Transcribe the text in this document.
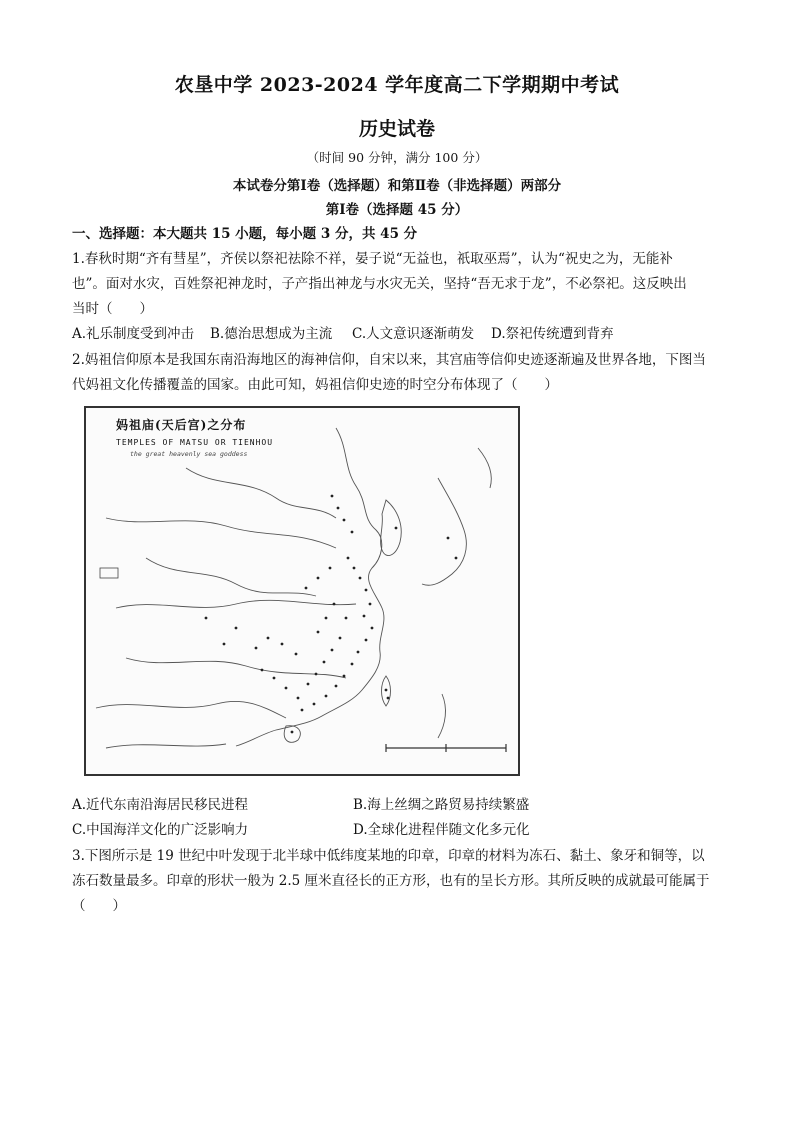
农垦中学 2023-2024 学年度高二下学期期中考试
历史试卷
（时间 90 分钟，满分 100 分）
本试卷分第Ⅰ卷（选择题）和第Ⅱ卷（非选择题）两部分
第Ⅰ卷（选择题 45 分）
一、选择题：本大题共 15 小题，每小题 3 分，共 45 分
1.春秋时期“齐有彗星”，齐侯以祭祀祛除不祥，晏子说“无益也，祇取巫焉”，认为“祝史之为，无能补
也”。面对水灾，百姓祭祀神龙时，子产指出神龙与水灾无关，坚持“吾无求于龙”，不必祭祀。这反映出
当时（　　）
A.礼乐制度受到冲击 B.德治思想成为主流 C.人文意识逐渐萌发 D.祭祀传统遭到背弃
2.妈祖信仰原本是我国东南沿海地区的海神信仰，自宋以来，其宫庙等信仰史迹逐渐遍及世界各地，下图当
代妈祖文化传播覆盖的国家。由此可知，妈祖信仰史迹的时空分布体现了（　　）
妈祖庙(天后宫)之分布
TEMPLES OF MATSU OR TIENHOU
the great heavenly sea goddess
A.近代东南沿海居民移民进程	B.海上丝绸之路贸易持续繁盛
C.中国海洋文化的广泛影响力	D.全球化进程伴随文化多元化
3.下图所示是 19 世纪中叶发现于北半球中低纬度某地的印章，印章的材料为冻石、黏土、象牙和铜等，以
冻石数量最多。印章的形状一般为 2.5 厘米直径长的正方形，也有的呈长方形。其所反映的成就最可能属于
（　　）
